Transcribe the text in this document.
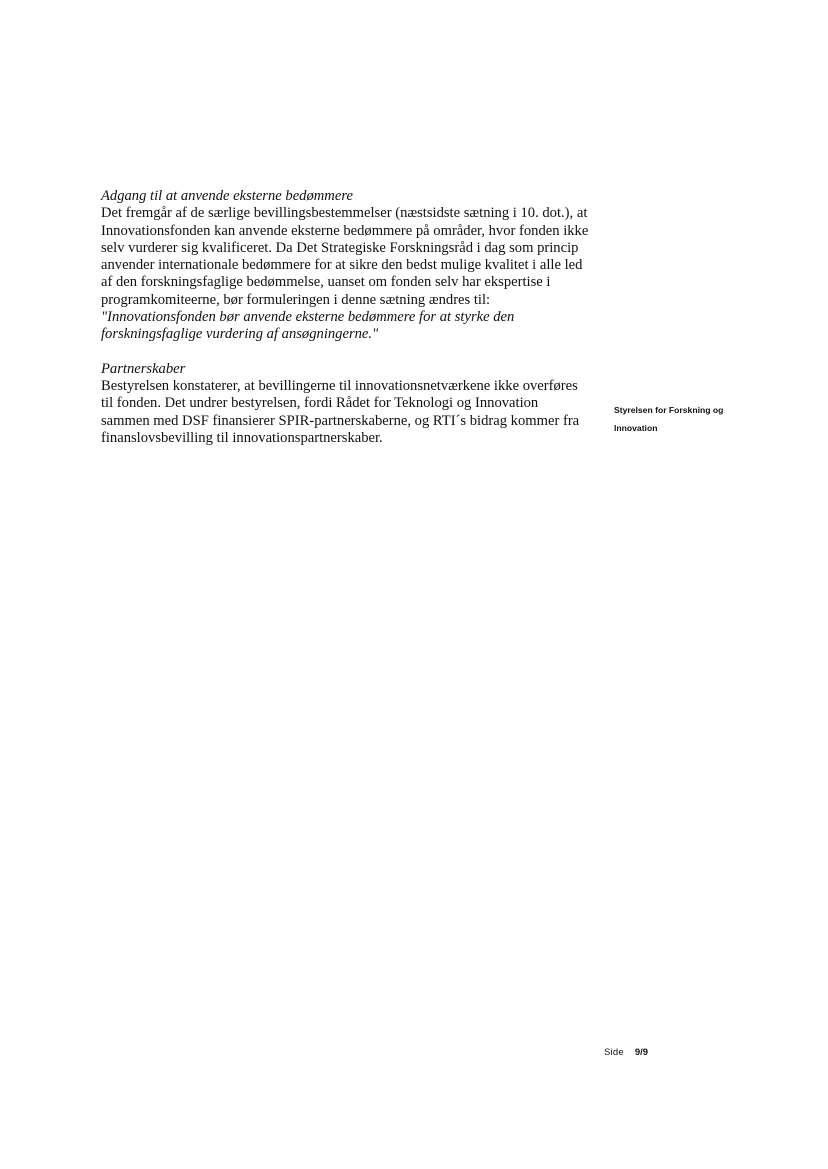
Adgang til at anvende eksterne bedømmere
Det fremgår af de særlige bevillingsbestemmelser (næstsidste sætning i 10. dot.), at
Innovationsfonden kan anvende eksterne bedømmere på områder, hvor fonden ikke
selv vurderer sig kvalificeret. Da Det Strategiske Forskningsråd i dag som princip
anvender internationale bedømmere for at sikre den bedst mulige kvalitet i alle led
af den forskningsfaglige bedømmelse, uanset om fonden selv har ekspertise i
programkomiteerne, bør formuleringen i denne sætning ændres til:
"Innovationsfonden bør anvende eksterne bedømmere for at styrke den
forskningsfaglige vurdering af ansøgningerne."
Partnerskaber
Bestyrelsen konstaterer, at bevillingerne til innovationsnetværkene ikke overføres
til fonden. Det undrer bestyrelsen, fordi Rådet for Teknologi og Innovation
sammen med DSF finansierer SPIR-partnerskaberne, og RTI´s bidrag kommer fra
finanslovsbevilling til innovationspartnerskaber.
Styrelsen for Forskning og
Innovation
Side 9/9
